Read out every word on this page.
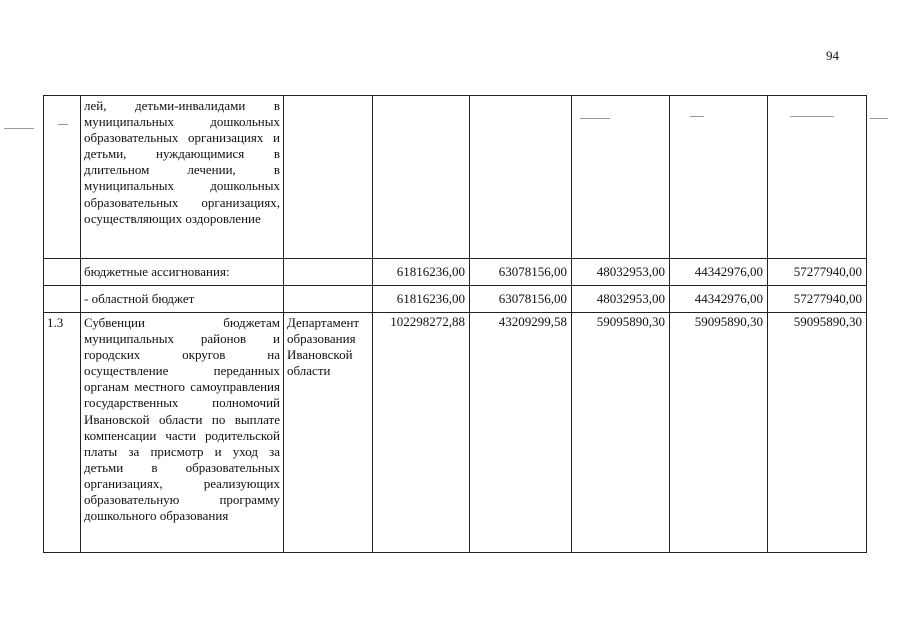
94
	лей, детьми-инвалидами в муниципальных дошкольных образовательных организациях и детьми, нуждающимися в длительном лечении, в муниципальных дошкольных образовательных организациях, осуществляющих оздоровление						
	бюджетные ассигнования:		61816236,00	63078156,00	48032953,00	44342976,00	57277940,00
	- областной бюджет		61816236,00	63078156,00	48032953,00	44342976,00	57277940,00
1.3	Субвенции бюджетам муниципальных районов и городских округов на осуществление переданных органам местного самоуправления государственных полномочий Ивановской области по выплате компенсации части родительской платы за присмотр и уход за детьми в образовательных организациях, реализующих образовательную программу дошкольного образования	Департамент образования Ивановской области	102298272,88	43209299,58	59095890,30	59095890,30	59095890,30
